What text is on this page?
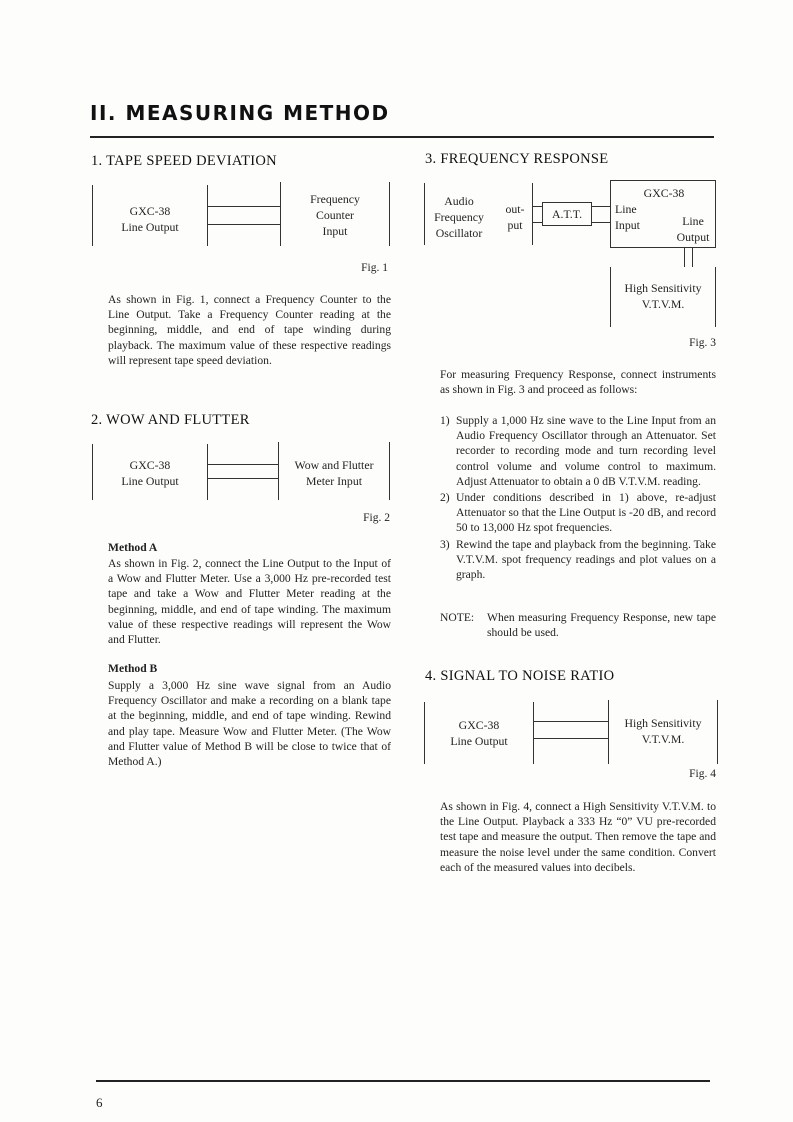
II. MEASURING METHOD
1. TAPE SPEED DEVIATION
GXC-38
Line Output
Frequency
Counter
Input
Fig. 1

As shown in Fig. 1, connect a Frequency Counter to the Line Output. Take a Frequency Counter reading at the beginning, middle, and end of tape winding during playback. The maximum value of these respective readings will represent tape speed deviation.

2. WOW AND FLUTTER
GXC-38
Line Output
Wow and Flutter
Meter Input
Fig. 2
Method A

As shown in Fig. 2, connect the Line Output to the Input of a Wow and Flutter Meter. Use a 3,000 Hz pre-recorded test tape and take a Wow and Flutter Meter reading at the beginning, middle, and end of tape winding. The maximum value of these respective readings will represent the Wow and Flutter.

Method B

Supply a 3,000 Hz sine wave signal from an Audio Frequency Oscillator and make a recording on a blank tape at the beginning, middle, and end of tape winding. Rewind and play tape. Measure Wow and Flutter Meter. (The Wow and Flutter value of Method B will be close to twice that of Method A.)

3. FREQUENCY RESPONSE
Audio
Frequency
Oscillator
out-
put
A.T.T.
GXC-38
Line
Input	Line
Output
High Sensitivity
V.T.V.M.
Fig. 3

For measuring Frequency Response, connect instruments as shown in Fig. 3 and proceed as follows:

1) Supply a 1,000 Hz sine wave to the Line Input from an Audio Frequency Oscillator through an Attenuator. Set recorder to recording mode and turn recording level control volume and volume control to maximum. Adjust Attenuator to obtain a 0 dB V.T.V.M. reading.
2) Under conditions described in 1) above, re-adjust Attenuator so that the Line Output is -20 dB, and record 50 to 13,000 Hz spot frequencies.
3) Rewind the tape and playback from the beginning. Take V.T.V.M. spot frequency readings and plot values on a graph.
NOTE: When measuring Frequency Response, new tape should be used.
4. SIGNAL TO NOISE RATIO
GXC-38
Line Output
High Sensitivity
V.T.V.M.
Fig. 4

As shown in Fig. 4, connect a High Sensitivity V.T.V.M. to the Line Output. Playback a 333 Hz “0” VU pre-recorded test tape and measure the output. Then remove the tape and measure the noise level under the same condition. Convert each of the measured values into decibels.

6
